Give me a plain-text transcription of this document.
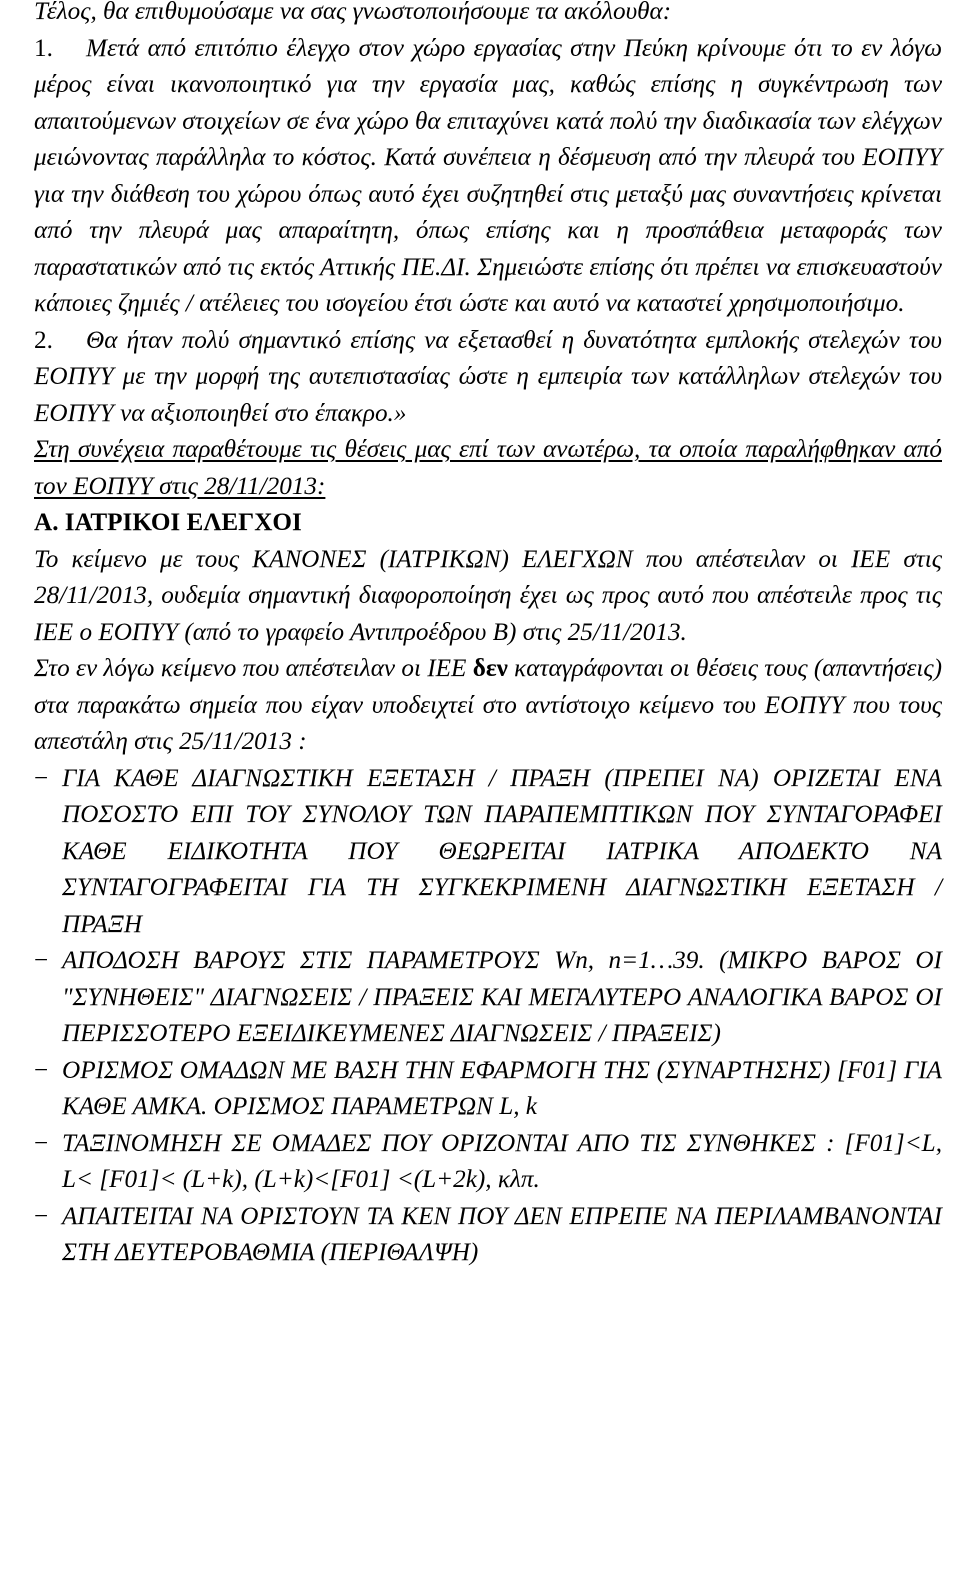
Τέλος, θα επιθυμούσαμε να σας γνωστοποιήσουμε τα ακόλουθα:

1. Μετά από επιτόπιο έλεγχο στον χώρο εργασίας στην Πεύκη κρίνουμε ότι το εν λόγω μέρος είναι ικανοποιητικό για την εργασία μας, καθώς επίσης η συγκέντρωση των απαιτούμενων στοιχείων σε ένα χώρο θα επιταχύνει κατά πολύ την διαδικασία των ελέγχων μειώνοντας παράλληλα το κόστος. Κατά συνέπεια η δέσμευση από την πλευρά του ΕΟΠΥΥ για την διάθεση του χώρου όπως αυτό έχει συζητηθεί στις μεταξύ μας συναντήσεις κρίνεται από την πλευρά μας απαραίτητη, όπως επίσης και η προσπάθεια μεταφοράς των παραστατικών από τις εκτός Αττικής ΠΕ.ΔΙ. Σημειώστε επίσης ότι πρέπει να επισκευαστούν κάποιες ζημιές / ατέλειες του ισογείου έτσι ώστε και αυτό να καταστεί χρησιμοποιήσιμο.

2. Θα ήταν πολύ σημαντικό επίσης να εξετασθεί η δυνατότητα εμπλοκής στελεχών του ΕΟΠΥΥ με την μορφή της αυτεπιστασίας ώστε η εμπειρία των κατάλληλων στελεχών του ΕΟΠΥΥ να αξιοποιηθεί στο έπακρο.»

Στη συνέχεια παραθέτουμε τις θέσεις μας επί των ανωτέρω, τα οποία παραλήφθηκαν από τον ΕΟΠΥΥ στις 28/11/2013:

Α. ΙΑΤΡΙΚΟΙ ΕΛΕΓΧΟΙ

Το κείμενο με τους ΚΑΝΟΝΕΣ (ΙΑΤΡΙΚΩΝ) ΕΛΕΓΧΩΝ που απέστειλαν οι ΙΕΕ στις 28/11/2013, ουδεμία σημαντική διαφοροποίηση έχει ως προς αυτό που απέστειλε προς τις ΙΕΕ ο ΕΟΠΥΥ (από το γραφείο Αντιπροέδρου Β) στις 25/11/2013.

Στο εν λόγω κείμενο που απέστειλαν οι ΙΕΕ δεν καταγράφονται οι θέσεις τους (απαντήσεις) στα παρακάτω σημεία που είχαν υποδειχτεί στο αντίστοιχο κείμενο του ΕΟΠΥΥ που τους απεστάλη στις 25/11/2013 :

− ΓΙΑ ΚΑΘΕ ΔΙΑΓΝΩΣΤΙΚΗ ΕΞΕΤΑΣΗ / ΠΡΑΞΗ (ΠΡΕΠΕΙ ΝΑ) ΟΡΙΖΕΤΑΙ ΕΝΑ ΠΟΣΟΣΤΟ ΕΠΙ ΤΟΥ ΣΥΝΟΛΟΥ ΤΩΝ ΠΑΡΑΠΕΜΠΤΙΚΩΝ ΠΟΥ ΣΥΝΤΑΓΟΡΑΦΕΙ ΚΑΘΕ ΕΙΔΙΚΟΤΗΤΑ ΠΟΥ ΘΕΩΡΕΙΤΑΙ ΙΑΤΡΙΚΑ ΑΠΟΔΕΚΤΟ ΝΑ ΣΥΝΤΑΓΟΓΡΑΦΕΙΤΑΙ ΓΙΑ ΤΗ ΣΥΓΚΕΚΡΙΜΕΝΗ ΔΙΑΓΝΩΣΤΙΚΗ ΕΞΕΤΑΣΗ / ΠΡΑΞΗ
− ΑΠΟΔΟΣΗ ΒΑΡΟΥΣ ΣΤΙΣ ΠΑΡΑΜΕΤΡΟΥΣ Wn, n=1…39. (ΜΙΚΡΟ ΒΑΡΟΣ ΟΙ "ΣΥΝΗΘΕΙΣ" ΔΙΑΓΝΩΣΕΙΣ / ΠΡΑΞΕΙΣ ΚΑΙ ΜΕΓΑΛΥΤΕΡΟ ΑΝΑΛΟΓΙΚΑ ΒΑΡΟΣ ΟΙ ΠΕΡΙΣΣΟΤΕΡΟ ΕΞΕΙΔΙΚΕΥΜΕΝΕΣ ΔΙΑΓΝΩΣΕΙΣ / ΠΡΑΞΕΙΣ)
− ΟΡΙΣΜΟΣ ΟΜΑΔΩΝ ΜΕ ΒΑΣΗ ΤΗΝ ΕΦΑΡΜΟΓΗ ΤΗΣ (ΣΥΝΑΡΤΗΣΗΣ) [F01] ΓΙΑ ΚΑΘΕ ΑΜΚΑ. ΟΡΙΣΜΟΣ ΠΑΡΑΜΕΤΡΩΝ L, k
− ΤΑΞΙΝΟΜΗΣΗ ΣΕ ΟΜΑΔΕΣ ΠΟΥ ΟΡΙΖΟΝΤΑΙ ΑΠΟ ΤΙΣ ΣΥΝΘΗΚΕΣ : [F01]<L, L< [F01]< (L+k), (L+k)<[F01] <(L+2k), κλπ.
− ΑΠΑΙΤΕΙΤΑΙ ΝΑ ΟΡΙΣΤΟΥΝ ΤΑ ΚΕΝ ΠΟΥ ΔΕΝ ΕΠΡΕΠΕ ΝΑ ΠΕΡΙΛΑΜΒΑΝΟΝΤΑΙ ΣΤΗ ΔΕΥΤΕΡΟΒΑΘΜΙΑ (ΠΕΡΙΘΑΛΨΗ)
